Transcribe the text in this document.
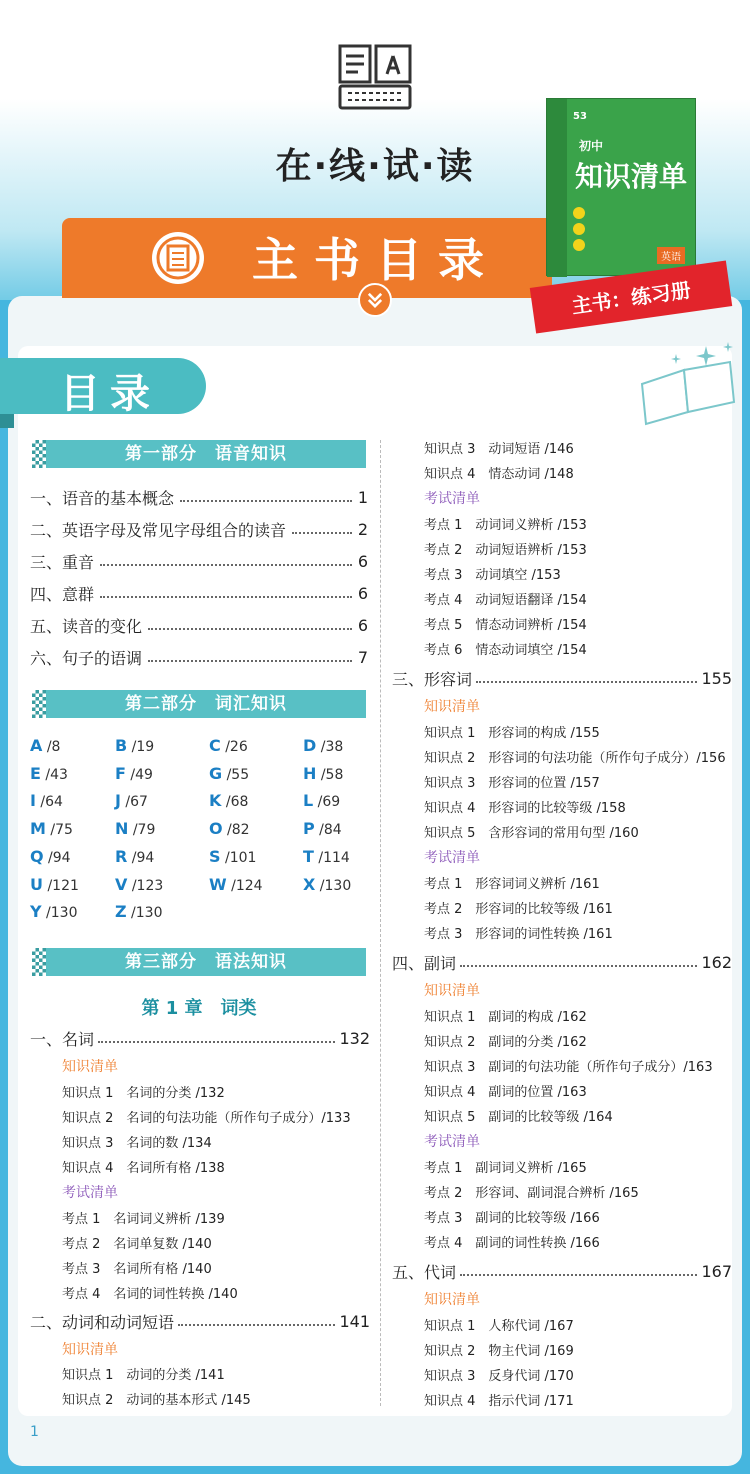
在·线·试·读
主书目录
53
初中
知识清单
英语
主书：练习册
目录
第一部分　语音知识
一、语音的基本概念	1
二、英语字母及常见字母组合的读音	2
三、重音	6
四、意群	6
五、读音的变化	6
六、句子的语调	7
第二部分　词汇知识
A /8	B /19	C /26	D /38
E /43	F /49	G /55	H /58
I /64	J /67	K /68	L /69
M /75	N /79	O /82	P /84
Q /94	R /94	S /101	T /114
U /121 V /123	W /124	X /130
Y /130 Z /130
第三部分　语法知识
第 1 章　词类
一、名词	132
知识清单
知识点 1　名词的分类 /132
知识点 2　名词的句法功能（所作句子成分）/133
知识点 3　名词的数 /134
知识点 4　名词所有格 /138
考试清单
考点 1　名词词义辨析 /139
考点 2　名词单复数 /140
考点 3　名词所有格 /140
考点 4　名词的词性转换 /140
二、动词和动词短语	141
知识清单
知识点 1　动词的分类 /141
知识点 2　动词的基本形式 /145
知识点 3　动词短语 /146
知识点 4　情态动词 /148
考试清单
考点 1　动词词义辨析 /153
考点 2　动词短语辨析 /153
考点 3　动词填空 /153
考点 4　动词短语翻译 /154
考点 5　情态动词辨析 /154
考点 6　情态动词填空 /154
三、形容词	155
知识清单
知识点 1　形容词的构成 /155
知识点 2　形容词的句法功能（所作句子成分）/156
知识点 3　形容词的位置 /157
知识点 4　形容词的比较等级 /158
知识点 5　含形容词的常用句型 /160
考试清单
考点 1　形容词词义辨析 /161
考点 2　形容词的比较等级 /161
考点 3　形容词的词性转换 /161
四、副词	162
知识清单
知识点 1　副词的构成 /162
知识点 2　副词的分类 /162
知识点 3　副词的句法功能（所作句子成分）/163
知识点 4　副词的位置 /163
知识点 5　副词的比较等级 /164
考试清单
考点 1　副词词义辨析 /165
考点 2　形容词、副词混合辨析 /165
考点 3　副词的比较等级 /166
考点 4　副词的词性转换 /166
五、代词	167
知识清单
知识点 1　人称代词 /167
知识点 2　物主代词 /169
知识点 3　反身代词 /170
知识点 4　指示代词 /171
1
